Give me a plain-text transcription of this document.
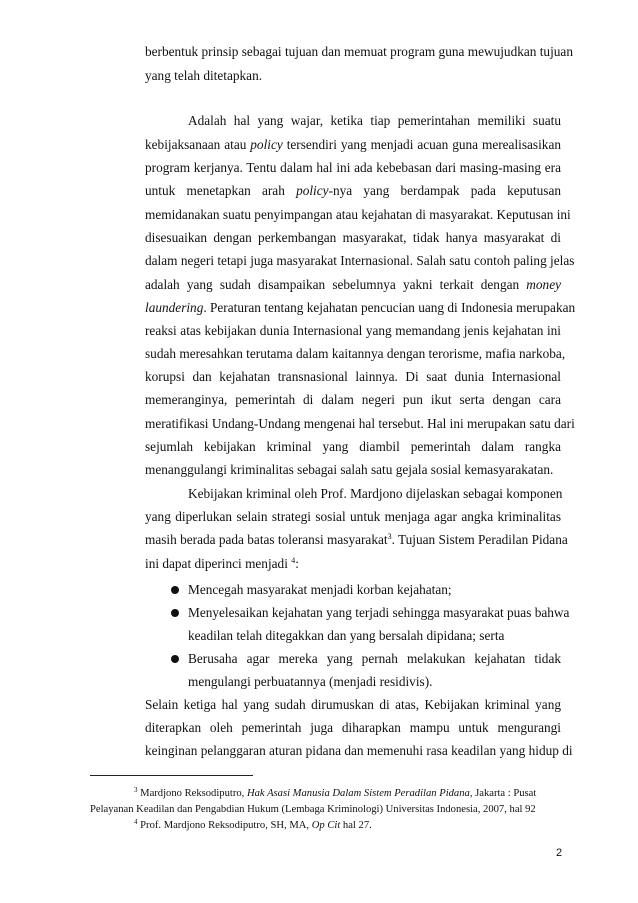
berbentuk prinsip sebagai tujuan dan memuat program guna mewujudkan tujuan
yang telah ditetapkan.
Adalah hal yang wajar, ketika tiap pemerintahan memiliki suatu
kebijaksanaan atau policy tersendiri yang menjadi acuan guna merealisasikan
program kerjanya. Tentu dalam hal ini ada kebebasan dari masing-masing era
untuk menetapkan arah policy-nya yang berdampak pada keputusan
memidanakan suatu penyimpangan atau kejahatan di masyarakat. Keputusan ini
disesuaikan dengan perkembangan masyarakat, tidak hanya masyarakat di
dalam negeri tetapi juga masyarakat Internasional. Salah satu contoh paling jelas
adalah yang sudah disampaikan sebelumnya yakni terkait dengan money
laundering. Peraturan tentang kejahatan pencucian uang di Indonesia merupakan
reaksi atas kebijakan dunia Internasional yang memandang jenis kejahatan ini
sudah meresahkan terutama dalam kaitannya dengan terorisme, mafia narkoba,
korupsi dan kejahatan transnasional lainnya. Di saat dunia Internasional
memeranginya, pemerintah di dalam negeri pun ikut serta dengan cara
meratifikasi Undang-Undang mengenai hal tersebut. Hal ini merupakan satu dari
sejumlah kebijakan kriminal yang diambil pemerintah dalam rangka
menanggulangi kriminalitas sebagai salah satu gejala sosial kemasyarakatan.
Kebijakan kriminal oleh Prof. Mardjono dijelaskan sebagai komponen
yang diperlukan selain strategi sosial untuk menjaga agar angka kriminalitas
masih berada pada batas toleransi masyarakat$^3$. Tujuan Sistem Peradilan Pidana
ini dapat diperinci menjadi $^4$:
Mencegah masyarakat menjadi korban kejahatan;
Menyelesaikan kejahatan yang terjadi sehingga masyarakat puas bahwa
keadilan telah ditegakkan dan yang bersalah dipidana; serta
Berusaha agar mereka yang pernah melakukan kejahatan tidak
mengulangi perbuatannya (menjadi residivis).
Selain ketiga hal yang sudah dirumuskan di atas, Kebijakan kriminal yang
diterapkan oleh pemerintah juga diharapkan mampu untuk mengurangi
keinginan pelanggaran aturan pidana dan memenuhi rasa keadilan yang hidup di
$^3$ Mardjono Reksodiputro, Hak Asasi Manusia Dalam Sistem Peradilan Pidana, Jakarta : Pusat
Pelayanan Keadilan dan Pengabdian Hukum (Lembaga Kriminologi) Universitas Indonesia, 2007, hal 92
$^4$ Prof. Mardjono Reksodiputro, SH, MA, Op Cit hal 27.
2
